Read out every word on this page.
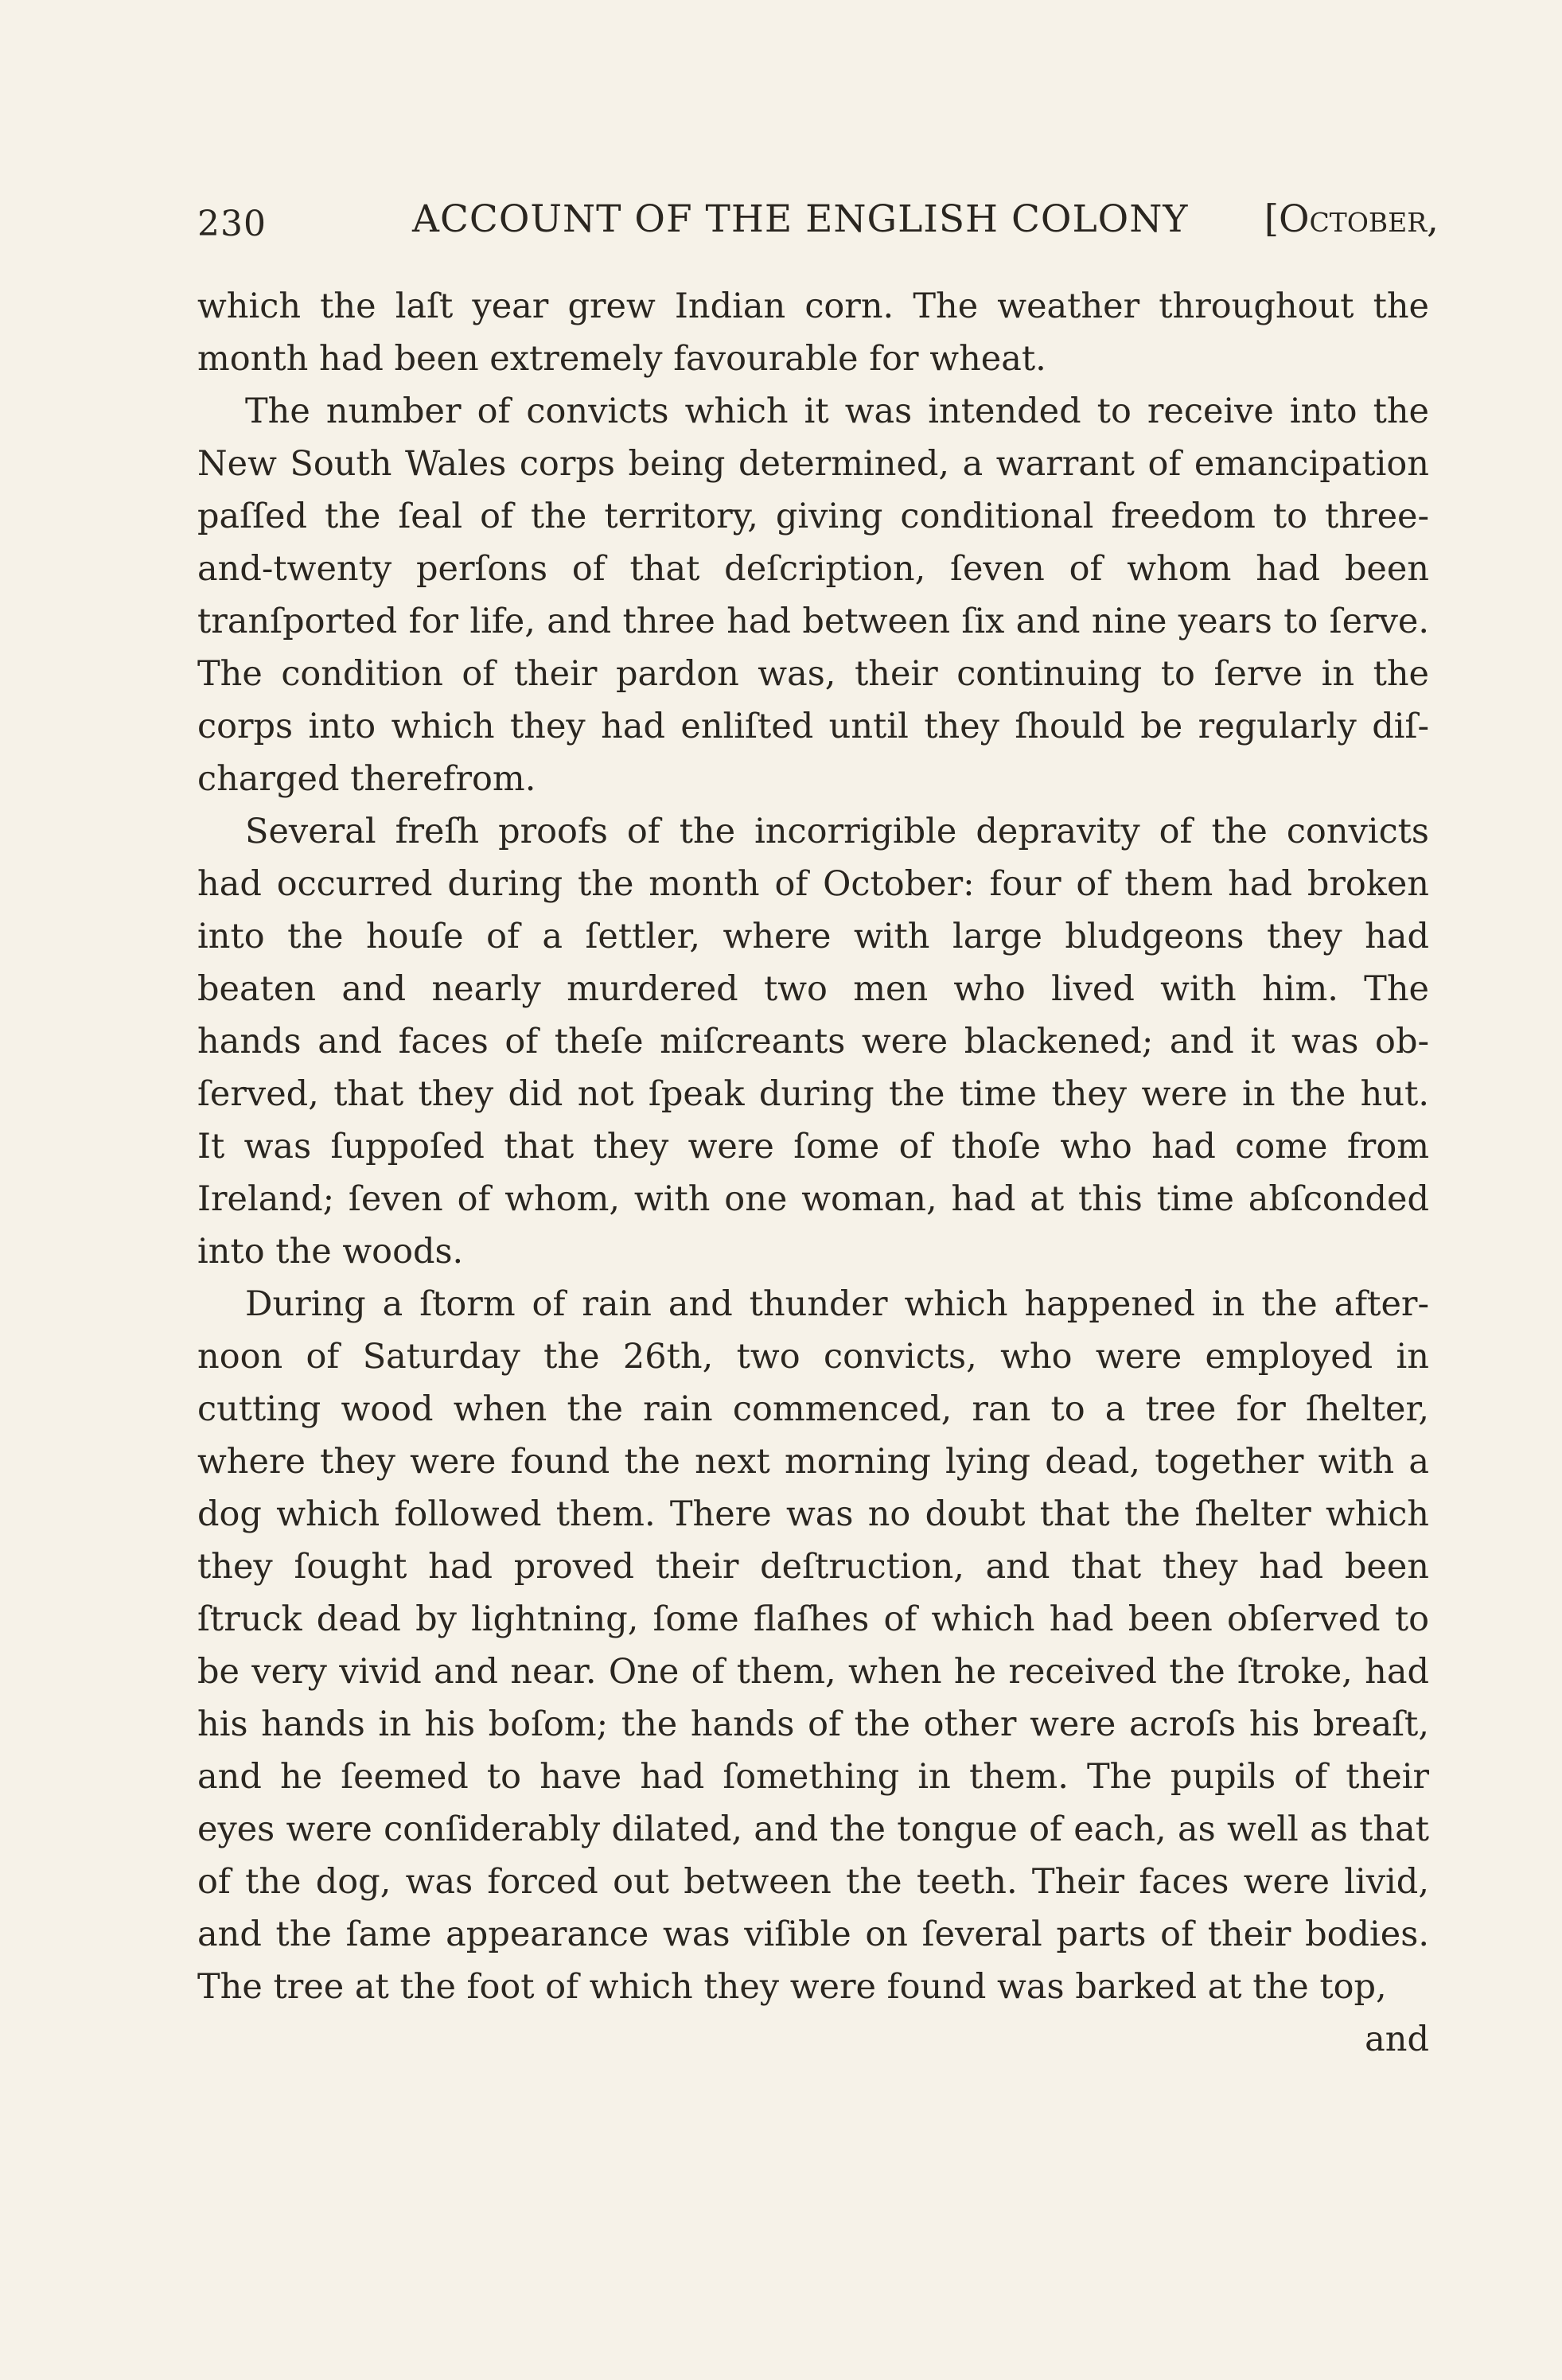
230	ACCOUNT OF THE ENGLISH COLONY [October,
which the laſt year grew Indian corn. The weather throughout the
month had been extremely favourable for wheat.
The number of convicts which it was intended to receive into the
New South Wales corps being determined, a warrant of emancipation
paſſed the ſeal of the territory, giving conditional freedom to three-
and-twenty perſons of that deſcription, ſeven of whom had been
tranſported for life, and three had between ſix and nine years to ſerve.
The condition of their pardon was, their continuing to ſerve in the
corps into which they had enliſted until they ſhould be regularly diſ-
charged therefrom.
Several freſh proofs of the incorrigible depravity of the convicts
had occurred during the month of October: four of them had broken
into the houſe of a ſettler, where with large bludgeons they had
beaten and nearly murdered two men who lived with him. The
hands and faces of theſe miſcreants were blackened; and it was ob-
ſerved, that they did not ſpeak during the time they were in the hut.
It was ſuppoſed that they were ſome of thoſe who had come from
Ireland; ſeven of whom, with one woman, had at this time abſconded
into the woods.
During a ſtorm of rain and thunder which happened in the after-
noon of Saturday the 26th, two convicts, who were employed in
cutting wood when the rain commenced, ran to a tree for ſhelter,
where they were found the next morning lying dead, together with a
dog which followed them. There was no doubt that the ſhelter which
they ſought had proved their deſtruction, and that they had been
ſtruck dead by lightning, ſome flaſhes of which had been obſerved to
be very vivid and near. One of them, when he received the ſtroke, had
his hands in his boſom; the hands of the other were acroſs his breaſt,
and he ſeemed to have had ſomething in them. The pupils of their
eyes were conſiderably dilated, and the tongue of each, as well as that
of the dog, was forced out between the teeth. Their faces were livid,
and the ſame appearance was viſible on ſeveral parts of their bodies.
The tree at the foot of which they were found was barked at the top,
and
